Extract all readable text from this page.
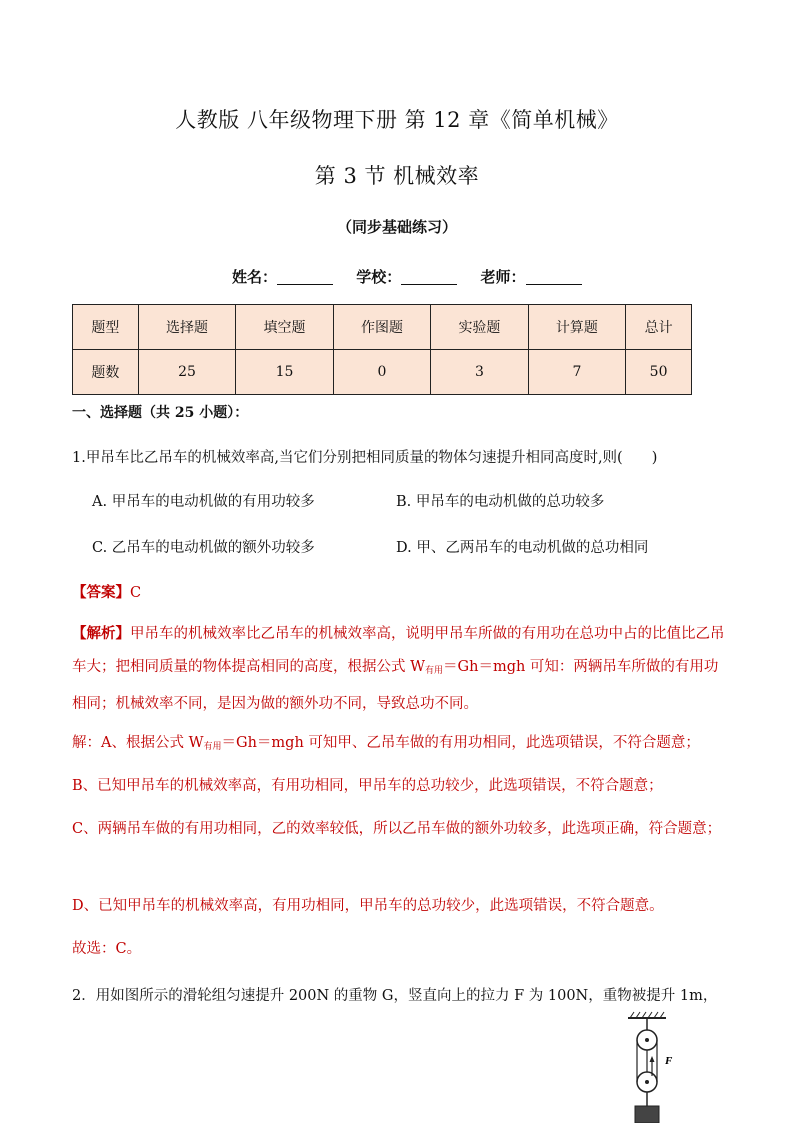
人教版 八年级物理下册 第 12 章《简单机械》
第 3 节 机械效率
（同步基础练习）
姓名：	学校：	老师：
题型	选择题	填空题	作图题	实验题	计算题	总计
题数	25	15	0	3	7	50
一、选择题（共 25 小题）：
1.甲吊车比乙吊车的机械效率高,当它们分别把相同质量的物体匀速提升相同高度时,则(　　)
A. 甲吊车的电动机做的有用功较多	B. 甲吊车的电动机做的总功较多
C. 乙吊车的电动机做的额外功较多	D. 甲、乙两吊车的电动机做的总功相同
【答案】C
【解析】甲吊车的机械效率比乙吊车的机械效率高，说明甲吊车所做的有用功在总功中占的比值比乙吊车大；把相同质量的物体提高相同的高度，根据公式 $W_{有用}=Gh=mgh$ 可知：两辆吊车所做的有用功相同；机械效率不同，是因为做的额外功不同，导致总功不同。
解：A、根据公式 $W_{有用}=Gh=mgh$ 可知甲、乙吊车做的有用功相同，此选项错误，不符合题意；
B、已知甲吊车的机械效率高，有用功相同，甲吊车的总功较少，此选项错误，不符合题意；
C、两辆吊车做的有用功相同，乙的效率较低，所以乙吊车做的额外功较多，此选项正确，符合题意；
D、已知甲吊车的机械效率高，有用功相同，甲吊车的总功较少，此选项错误，不符合题意。
故选：C。
2．用如图所示的滑轮组匀速提升 200N 的重物 G，竖直向上的拉力 F 为 100N，重物被提升 1m，
F
